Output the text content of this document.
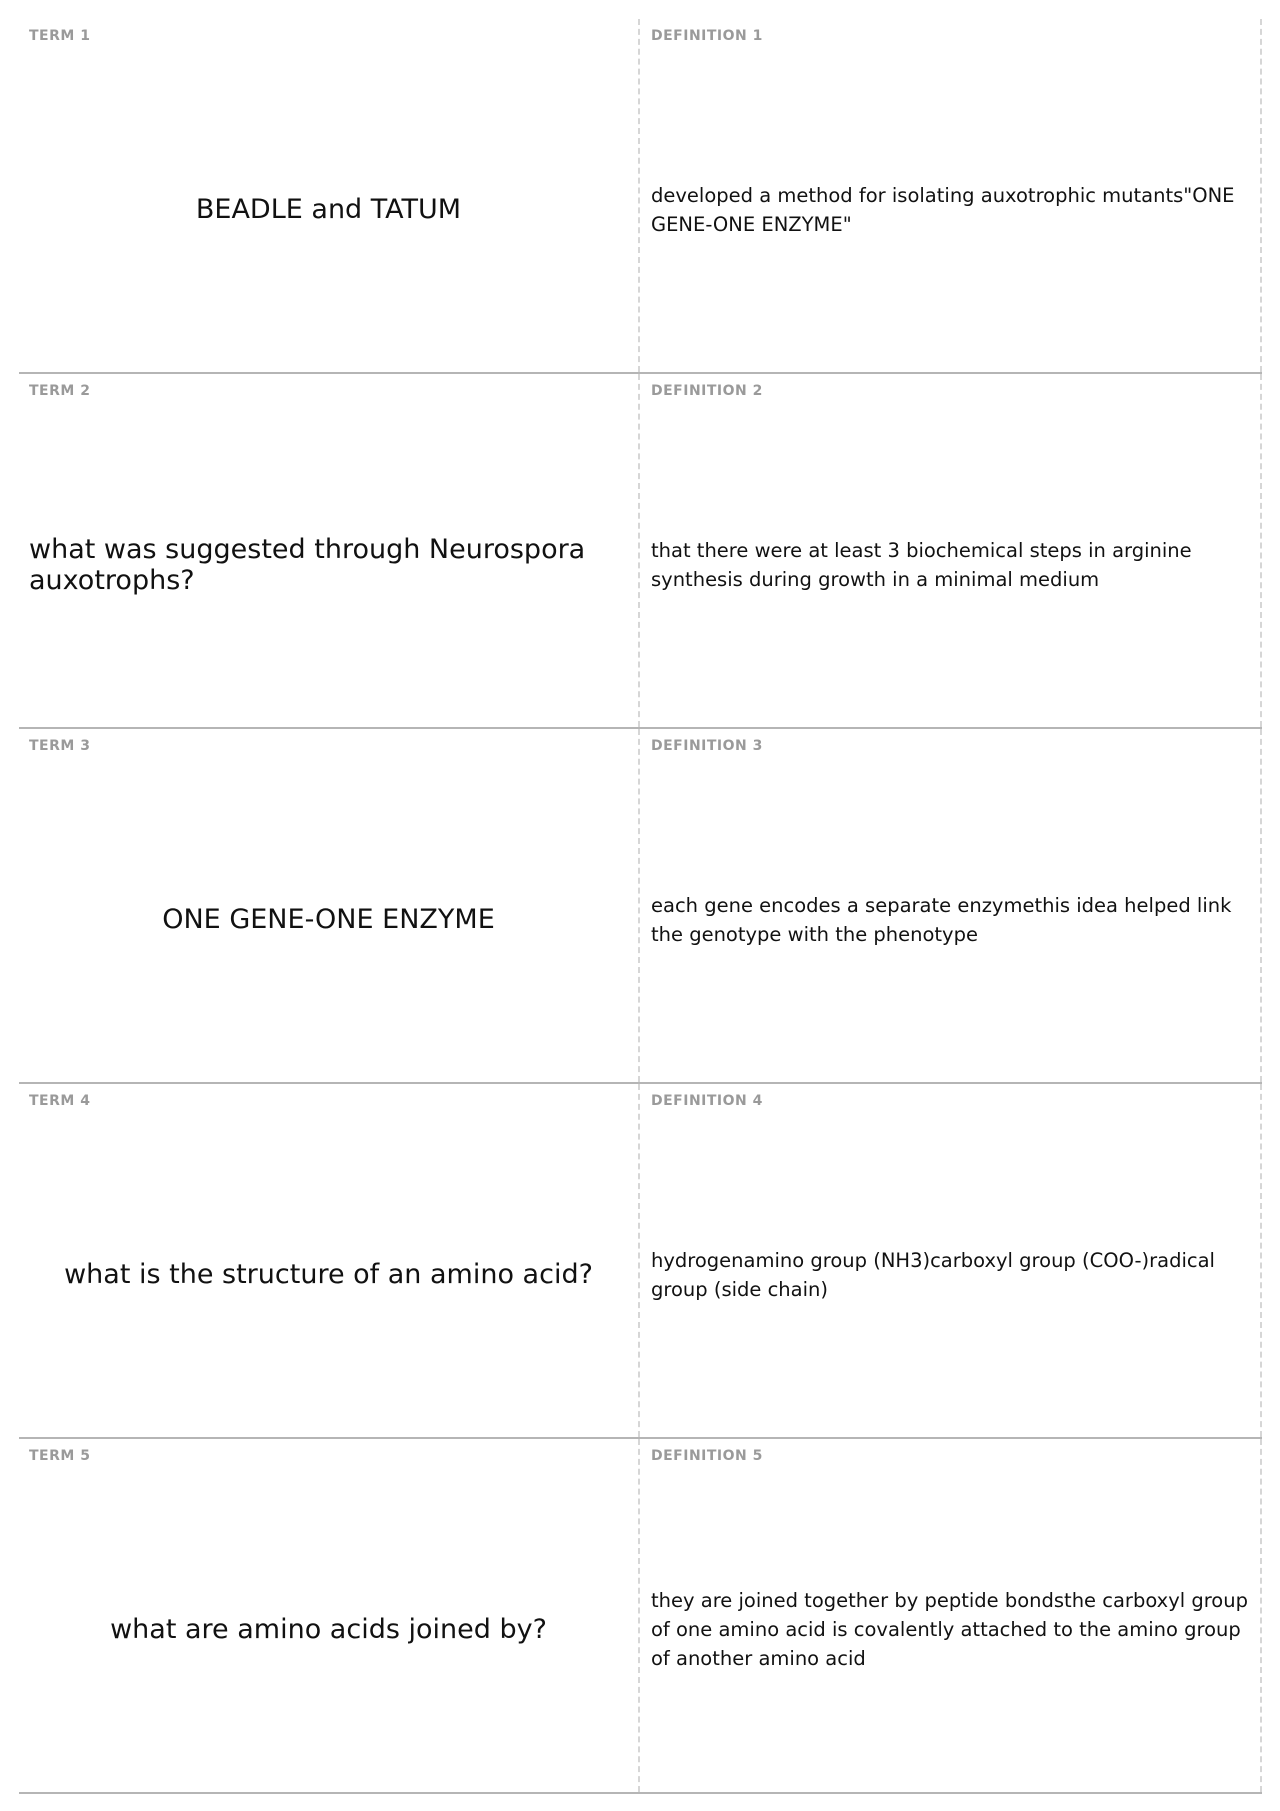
TERM 1
BEADLE and TATUM
DEFINITION 1
developed a method for isolating auxotrophic mutants"ONE GENE-ONE ENZYME"
TERM 2
what was suggested through Neurospora auxotrophs?
DEFINITION 2
that there were at least 3 biochemical steps in arginine synthesis during growth in a minimal medium
TERM 3
ONE GENE-ONE ENZYME
DEFINITION 3
each gene encodes a separate enzymethis idea helped link the genotype with the phenotype
TERM 4
what is the structure of an amino acid?
DEFINITION 4
hydrogenamino group (NH3)carboxyl group (COO-)radical group (side chain)
TERM 5
what are amino acids joined by?
DEFINITION 5
they are joined together by peptide bondsthe carboxyl group of one amino acid is covalently attached to the amino group of another amino acid
